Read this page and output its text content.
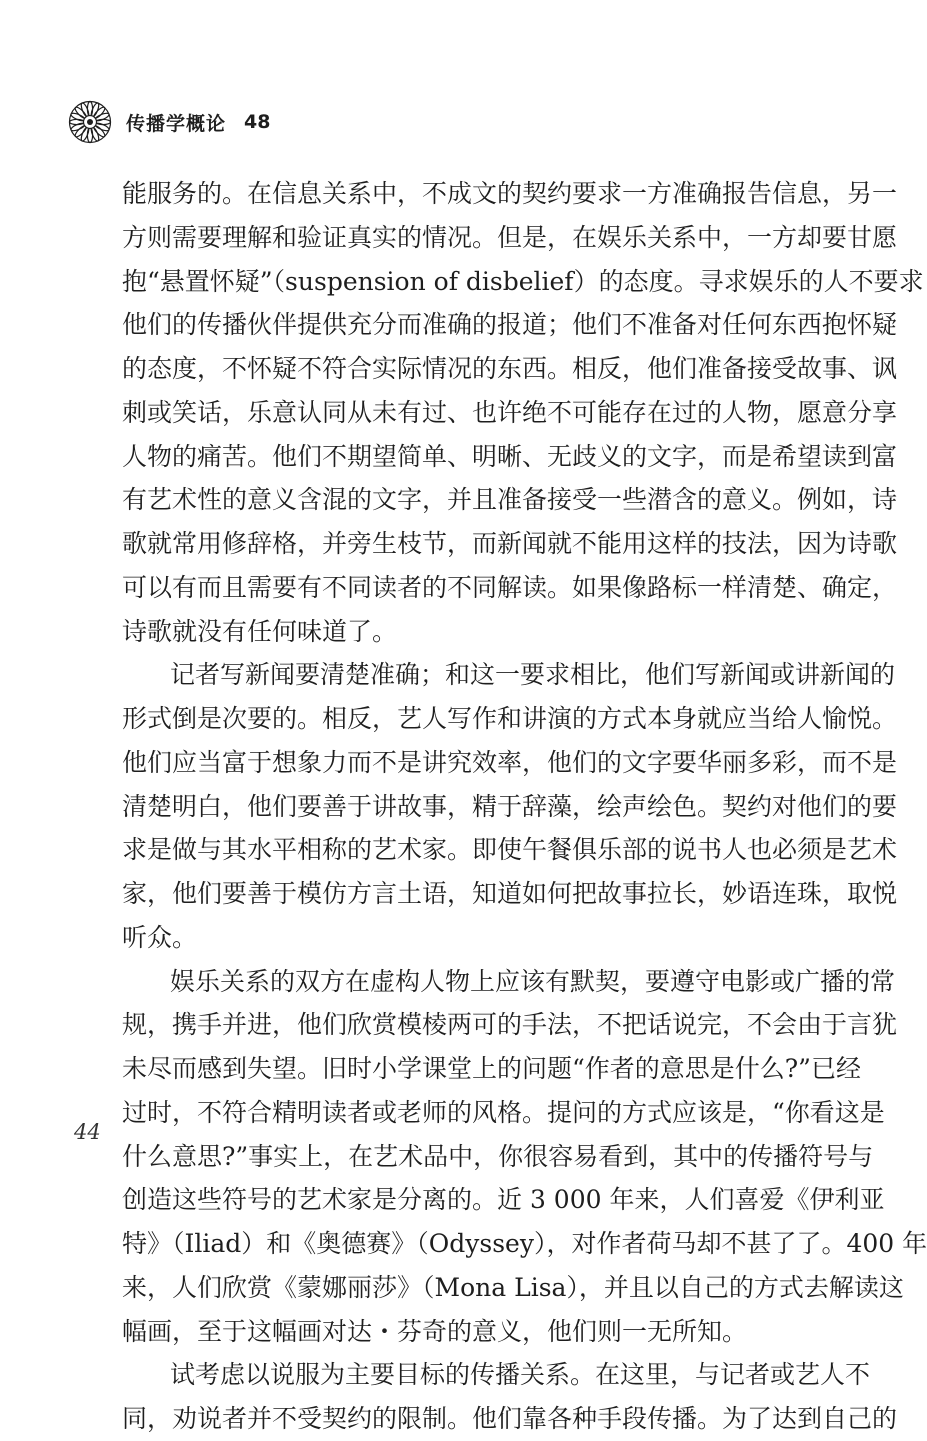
传播学概论 48
能服务的。在信息关系中，不成文的契约要求一方准确报告信息，另一
方则需要理解和验证真实的情况。但是，在娱乐关系中，一方却要甘愿
抱“悬置怀疑”（suspension of disbelief）的态度。寻求娱乐的人不要求
他们的传播伙伴提供充分而准确的报道；他们不准备对任何东西抱怀疑
的态度，不怀疑不符合实际情况的东西。相反，他们准备接受故事、讽
刺或笑话，乐意认同从未有过、也许绝不可能存在过的人物，愿意分享
人物的痛苦。他们不期望简单、明晰、无歧义的文字，而是希望读到富
有艺术性的意义含混的文字，并且准备接受一些潜含的意义。例如，诗
歌就常用修辞格，并旁生枝节，而新闻就不能用这样的技法，因为诗歌
可以有而且需要有不同读者的不同解读。如果像路标一样清楚、确定，
诗歌就没有任何味道了。
记者写新闻要清楚准确；和这一要求相比，他们写新闻或讲新闻的
形式倒是次要的。相反，艺人写作和讲演的方式本身就应当给人愉悦。
他们应当富于想象力而不是讲究效率，他们的文字要华丽多彩，而不是
清楚明白，他们要善于讲故事，精于辞藻，绘声绘色。契约对他们的要
求是做与其水平相称的艺术家。即使午餐俱乐部的说书人也必须是艺术
家，他们要善于模仿方言土语，知道如何把故事拉长，妙语连珠，取悦
听众。
娱乐关系的双方在虚构人物上应该有默契，要遵守电影或广播的常
规，携手并进，他们欣赏模棱两可的手法，不把话说完，不会由于言犹
未尽而感到失望。旧时小学课堂上的问题“作者的意思是什么?”已经
过时，不符合精明读者或老师的风格。提问的方式应该是，“你看这是
什么意思?”事实上，在艺术品中，你很容易看到，其中的传播符号与
创造这些符号的艺术家是分离的。近 3 000 年来，人们喜爱《伊利亚
特》（Iliad）和《奥德赛》（Odyssey），对作者荷马却不甚了了。400 年
来，人们欣赏《蒙娜丽莎》（Mona Lisa），并且以自己的方式去解读这
幅画，至于这幅画对达・芬奇的意义，他们则一无所知。
试考虑以说服为主要目标的传播关系。在这里，与记者或艺人不
同，劝说者并不受契约的限制。他们靠各种手段传播。为了达到自己的
44
